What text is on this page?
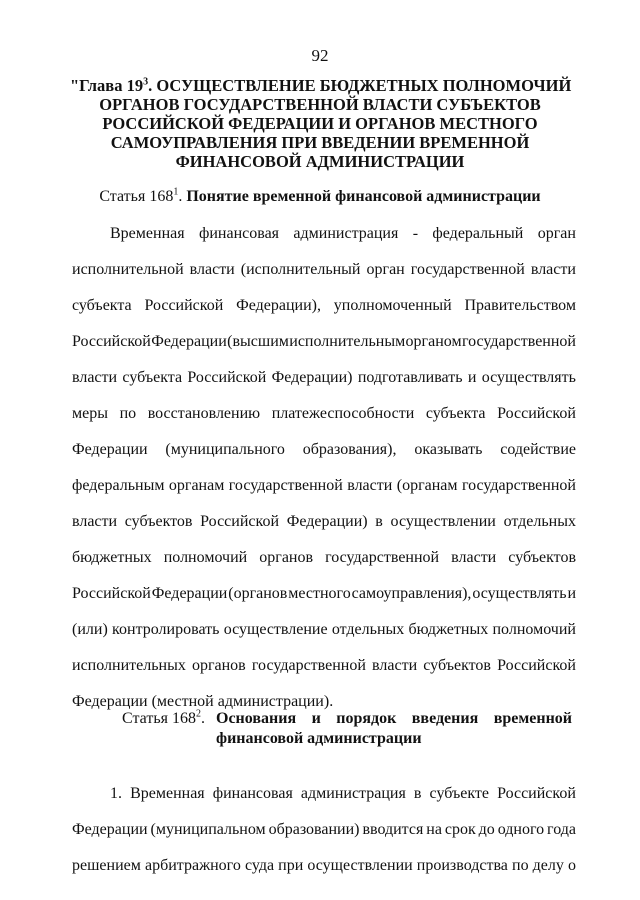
92
"Глава $19^3$. ОСУЩЕСТВЛЕНИЕ БЮДЖЕТНЫХ ПОЛНОМОЧИЙ
ОРГАНОВ ГОСУДАРСТВЕННОЙ ВЛАСТИ СУБЪЕКТОВ
РОССИЙСКОЙ ФЕДЕРАЦИИ И ОРГАНОВ МЕСТНОГО
САМОУПРАВЛЕНИЯ ПРИ ВВЕДЕНИИ ВРЕМЕННОЙ
ФИНАНСОВОЙ АДМИНИСТРАЦИИ
Статья $168^1$. Понятие временной финансовой администрации
Временная финансовая администрация - федеральный орган
исполнительной власти (исполнительный орган государственной власти
субъекта Российской Федерации), уполномоченный Правительством
Российской Федерации (высшим исполнительным органом государственной
власти субъекта Российской Федерации) подготавливать и осуществлять
меры по восстановлению платежеспособности субъекта Российской
Федерации (муниципального образования), оказывать содействие
федеральным органам государственной власти (органам государственной
власти субъектов Российской Федерации) в осуществлении отдельных
бюджетных полномочий органов государственной власти субъектов
Российской Федерации (органов местного самоуправления), осуществлять и
(или) контролировать осуществление отдельных бюджетных полномочий
исполнительных органов государственной власти субъектов Российской
Федерации (местной администрации).
Статья $168^2$. Основания и порядок введения временной
финансовой администрации
1. Временная финансовая администрация в субъекте Российской
Федерации (муниципальном образовании) вводится на срок до одного года
решением арбитражного суда при осуществлении производства по делу о
